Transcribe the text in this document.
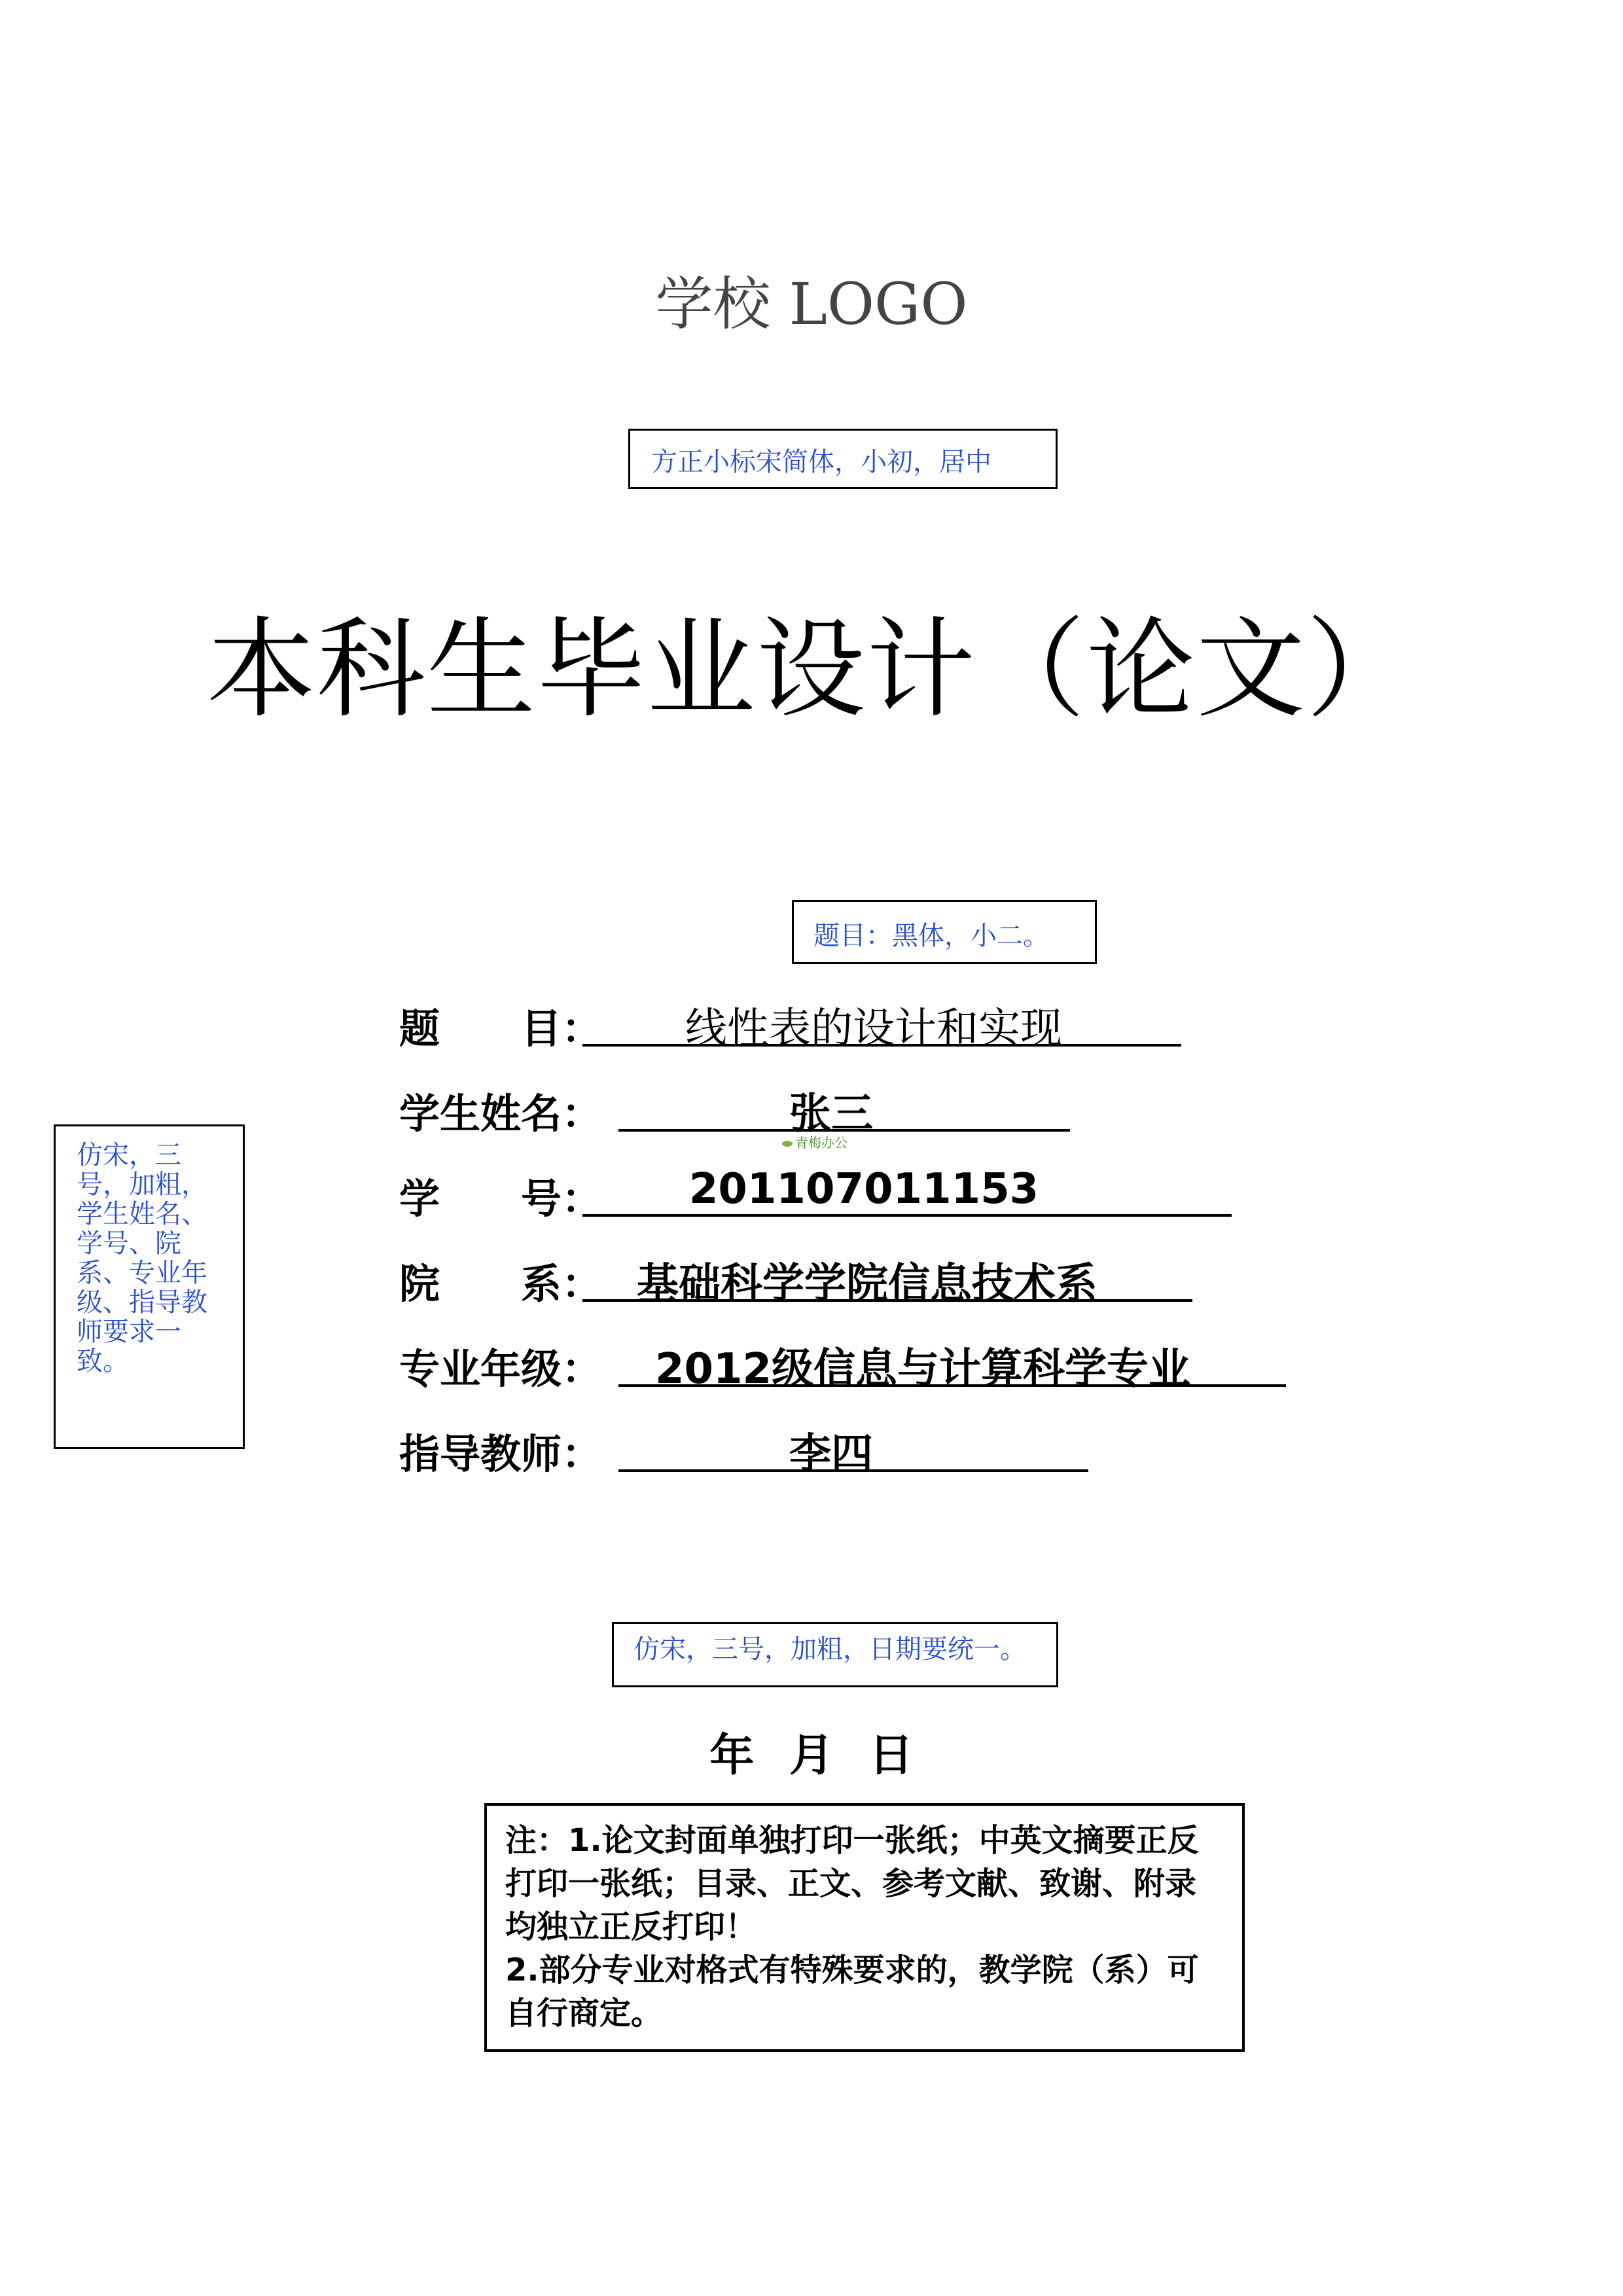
学校 LOGO
方正小标宋简体，小初，居中
本科生毕业设计（论文）
题目：黑体，小二。
仿宋，三号，加粗，学生姓名、学号、院系、专业年级、指导教师要求一致。
题　　目：	线性表的设计和实现
学生姓名：	张三
青梅办公
学　　号：	201107011153
院　　系： 基础科学学院信息技术系
专业年级：	2012级信息与计算科学专业
指导教师：	李四
仿宋，三号，加粗，日期要统一。
年 月 日

注：1.论文封面单独打印一张纸；中英文摘要正反打印一张纸；目录、正文、参考文献、致谢、附录均独立正反打印！

2.部分专业对格式有特殊要求的，教学院（系）可自行商定。
